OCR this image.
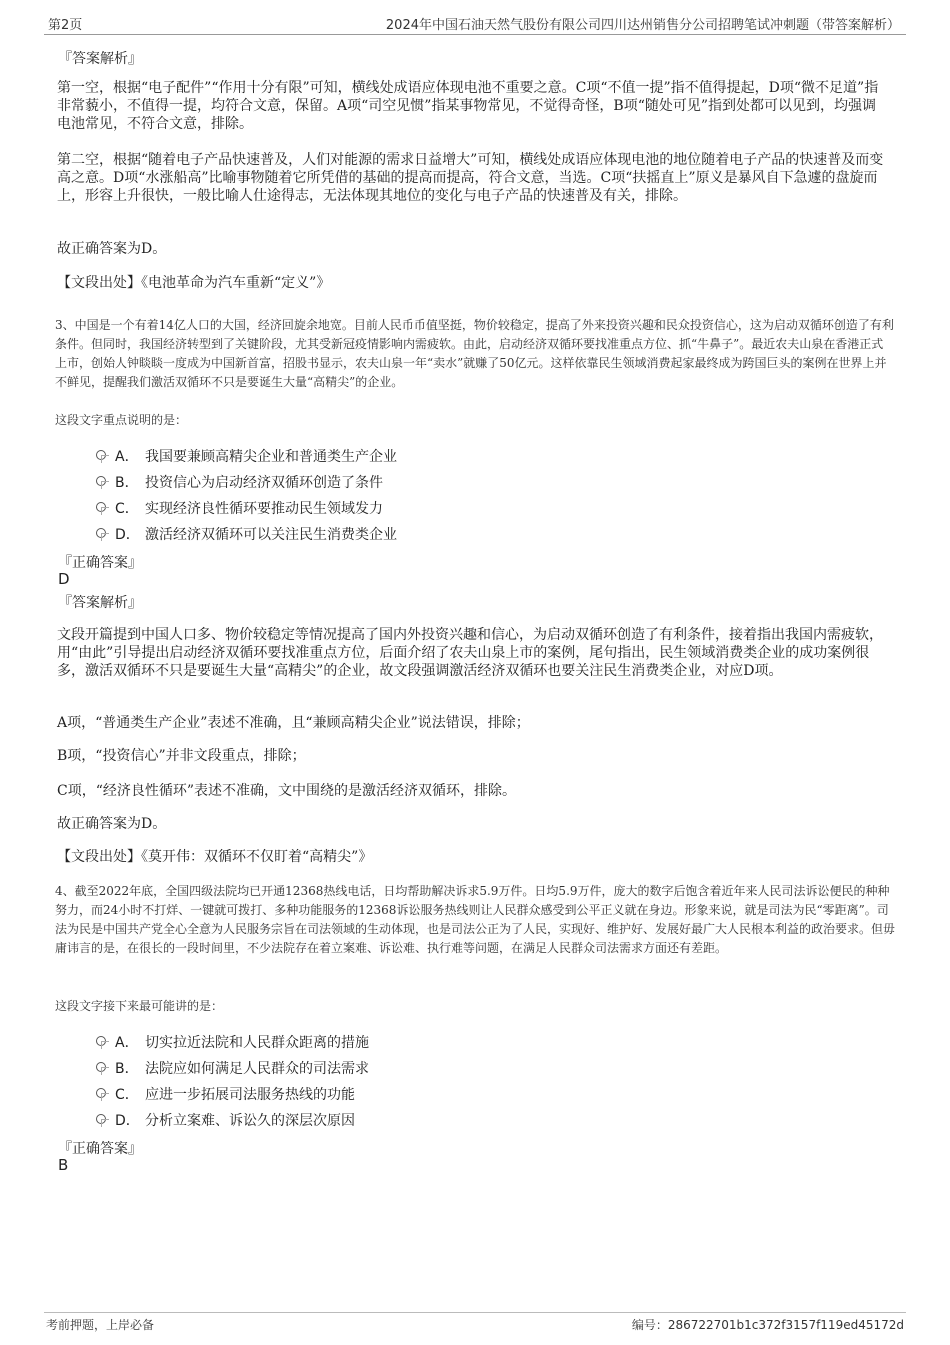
第2页	2024年中国石油天然气股份有限公司四川达州销售分公司招聘笔试冲刺题（带答案解析）
『答案解析』

第一空，根据“电子配件”“作用十分有限”可知，横线处成语应体现电池不重要之意。C项“不值一提”指不值得提起，D项“微不足道”指非常藐小，不值得一提，均符合文意，保留。A项“司空见惯”指某事物常见，不觉得奇怪，B项“随处可见”指到处都可以见到，均强调电池常见，不符合文意，排除。

第二空，根据“随着电子产品快速普及，人们对能源的需求日益增大”可知，横线处成语应体现电池的地位随着电子产品的快速普及而变高之意。D项“水涨船高”比喻事物随着它所凭借的基础的提高而提高，符合文意，当选。C项“扶摇直上”原义是暴风自下急遽的盘旋而上，形容上升很快，一般比喻人仕途得志，无法体现其地位的变化与电子产品的快速普及有关，排除。

故正确答案为D。

【文段出处】《电池革命为汽车重新“定义”》

3、中国是一个有着14亿人口的大国，经济回旋余地宽。目前人民币币值坚挺，物价较稳定，提高了外来投资兴趣和民众投资信心，这为启动双循环创造了有利条件。但同时，我国经济转型到了关键阶段，尤其受新冠疫情影响内需疲软。由此，启动经济双循环要找准重点方位、抓“牛鼻子”。最近农夫山泉在香港正式上市，创始人钟睒睒一度成为中国新首富，招股书显示，农夫山泉一年“卖水”就赚了50亿元。这样依靠民生领域消费起家最终成为跨国巨头的案例在世界上并不鲜见，提醒我们激活双循环不只是要诞生大量“高精尖”的企业。

这段文字重点说明的是：

A． 我国要兼顾高精尖企业和普通类生产企业
B． 投资信心为启动经济双循环创造了条件
C． 实现经济良性循环要推动民生领域发力
D． 激活经济双循环可以关注民生消费类企业
『正确答案』
D
『答案解析』

文段开篇提到中国人口多、物价较稳定等情况提高了国内外投资兴趣和信心，为启动双循环创造了有利条件，接着指出我国内需疲软，用“由此”引导提出启动经济双循环要找准重点方位，后面介绍了农夫山泉上市的案例，尾句指出，民生领域消费类企业的成功案例很多，激活双循环不只是要诞生大量“高精尖”的企业，故文段强调激活经济双循环也要关注民生消费类企业，对应D项。

A项，“普通类生产企业”表述不准确，且“兼顾高精尖企业”说法错误，排除；

B项，“投资信心”并非文段重点，排除；

C项，“经济良性循环”表述不准确，文中围绕的是激活经济双循环，排除。

故正确答案为D。

【文段出处】《莫开伟：双循环不仅盯着“高精尖”》

4、截至2022年底，全国四级法院均已开通12368热线电话，日均帮助解决诉求5.9万件。日均5.9万件，庞大的数字后饱含着近年来人民司法诉讼便民的种种努力，而24小时不打烊、一键就可拨打、多种功能服务的12368诉讼服务热线则让人民群众感受到公平正义就在身边。形象来说，就是司法为民“零距离”。司法为民是中国共产党全心全意为人民服务宗旨在司法领域的生动体现，也是司法公正为了人民，实现好、维护好、发展好最广大人民根本利益的政治要求。但毋庸讳言的是，在很长的一段时间里，不少法院存在着立案难、诉讼难、执行难等问题，在满足人民群众司法需求方面还有差距。

这段文字接下来最可能讲的是：

A． 切实拉近法院和人民群众距离的措施
B． 法院应如何满足人民群众的司法需求
C． 应进一步拓展司法服务热线的功能
D． 分析立案难、诉讼久的深层次原因
『正确答案』
B
考前押题，上岸必备	编号：286722701b1c372f3157f119ed45172d
